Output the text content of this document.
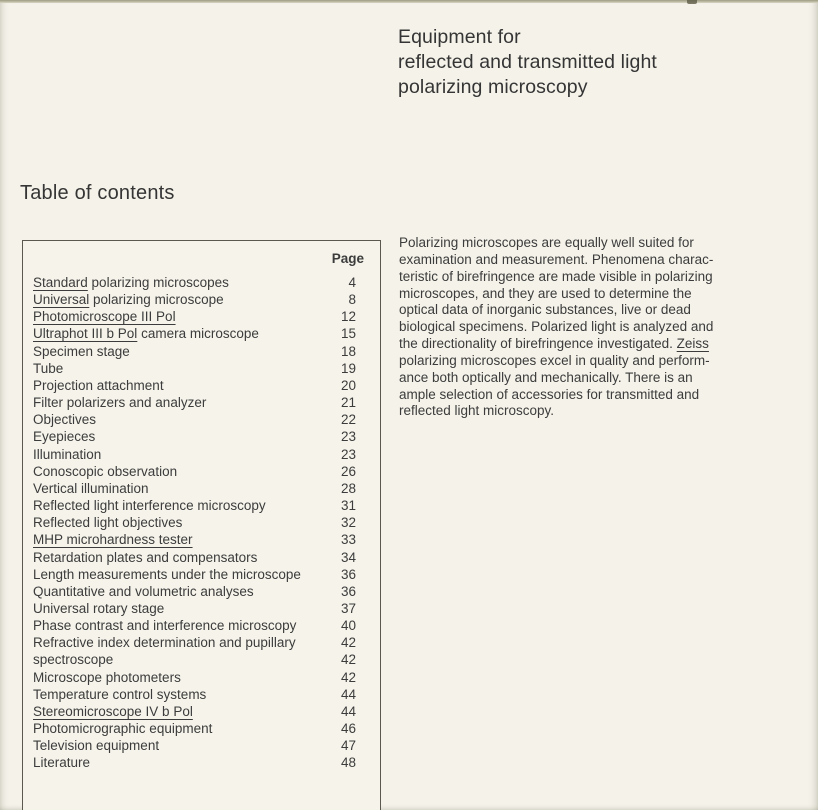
Equipment for
reflected and transmitted light
polarizing microscopy
Table of contents
Page
Standard polarizing microscopes	4
Universal polarizing microscope	8
Photomicroscope III Pol	12
Ultraphot III b Pol camera microscope	15
Specimen stage	18
Tube	19
Projection attachment	20
Filter polarizers and analyzer	21
Objectives	22
Eyepieces	23
Illumination	23
Conoscopic observation	26
Vertical illumination	28
Reflected light interference microscopy	31
Reflected light objectives	32
MHP microhardness tester	33
Retardation plates and compensators	34
Length measurements under the microscope	36
Quantitative and volumetric analyses	36
Universal rotary stage	37
Phase contrast and interference microscopy	40
Refractive index determination and pupillary	42
spectroscope	42
Microscope photometers	42
Temperature control systems	44
Stereomicroscope IV b Pol	44
Photomicrographic equipment	46
Television equipment	47
Literature	48
Polarizing microscopes are equally well suited for
examination and measurement. Phenomena charac-
teristic of birefringence are made visible in polarizing
microscopes, and they are used to determine the
optical data of inorganic substances, live or dead
biological specimens. Polarized light is analyzed and
the directionality of birefringence investigated. Zeiss
polarizing microscopes excel in quality and perform-
ance both optically and mechanically. There is an
ample selection of accessories for transmitted and
reflected light microscopy.
